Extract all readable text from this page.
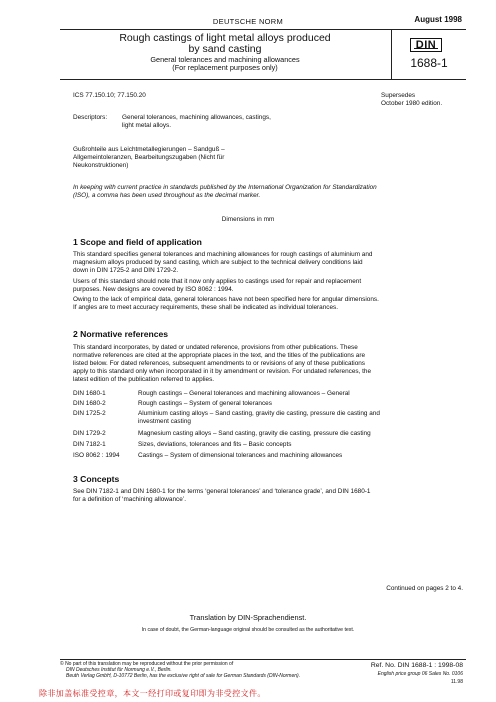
DEUTSCHE NORM	August 1998
Rough castings of light metal alloys produced
by sand casting
General tolerances and machining allowances
(For replacement purposes only)
DIN
1688-1
ICS 77.150.10; 77.150.20	Supersedes
October 1980 edition.
Descriptors: General tolerances, machining allowances, castings,
light metal alloys.
Gußrohteile aus Leichtmetallegierungen – Sandguß –
Allgemeintoleranzen, Bearbeitungszugaben (Nicht für
Neukonstruktionen)
In keeping with current practice in standards published by the International Organization for Standardization
(ISO), a comma has been used throughout as the decimal marker.
Dimensions in mm
1 Scope and field of application
This standard specifies general tolerances and machining allowances for rough castings of aluminium and
magnesium alloys produced by sand casting, which are subject to the technical delivery conditions laid
down in DIN 1725-2 and DIN 1729-2.
Users of this standard should note that it now only applies to castings used for repair and replacement
purposes. New designs are covered by ISO 8062 : 1994.
Owing to the lack of empirical data, general tolerances have not been specified here for angular dimensions.
If angles are to meet accuracy requirements, these shall be indicated as individual tolerances.
2 Normative references
This standard incorporates, by dated or undated reference, provisions from other publications. These
normative references are cited at the appropriate places in the text, and the titles of the publications are
listed below. For dated references, subsequent amendments to or revisions of any of these publications
apply to this standard only when incorporated in it by amendment or revision. For undated references, the
latest edition of the publication referred to applies.
DIN 1680-1	Rough castings – General tolerances and machining allowances – General
DIN 1680-2	Rough castings – System of general tolerances
DIN 1725-2	Aluminium casting alloys – Sand casting, gravity die casting, pressure die casting and
investment casting
DIN 1729-2	Magnesium casting alloys – Sand casting, gravity die casting, pressure die casting
DIN 7182-1	Sizes, deviations, tolerances and fits – Basic concepts
ISO 8062 : 1994	Castings – System of dimensional tolerances and machining allowances
3 Concepts
See DIN 7182-1 and DIN 1680-1 for the terms ‘general tolerances’ and ‘tolerance grade’, and DIN 1680-1
for a definition of ‘machining allowance’.
Continued on pages 2 to 4.
Translation by DIN-Sprachendienst.
In case of doubt, the German-language original should be consulted as the authoritative text.
© No part of this translation may be reproduced without the prior permission of
DIN Deutsches Institut für Normung e.V., Berlin.
Beuth Verlag GmbH, D-10772 Berlin, has the exclusive right of sale for German Standards (DIN-Normen).
Ref. No. DIN 1688-1 : 1998-08
English price group 06 Sales No. 0106
11.98
除非加盖标准受控章，本文一经打印或复印即为非受控文件。
